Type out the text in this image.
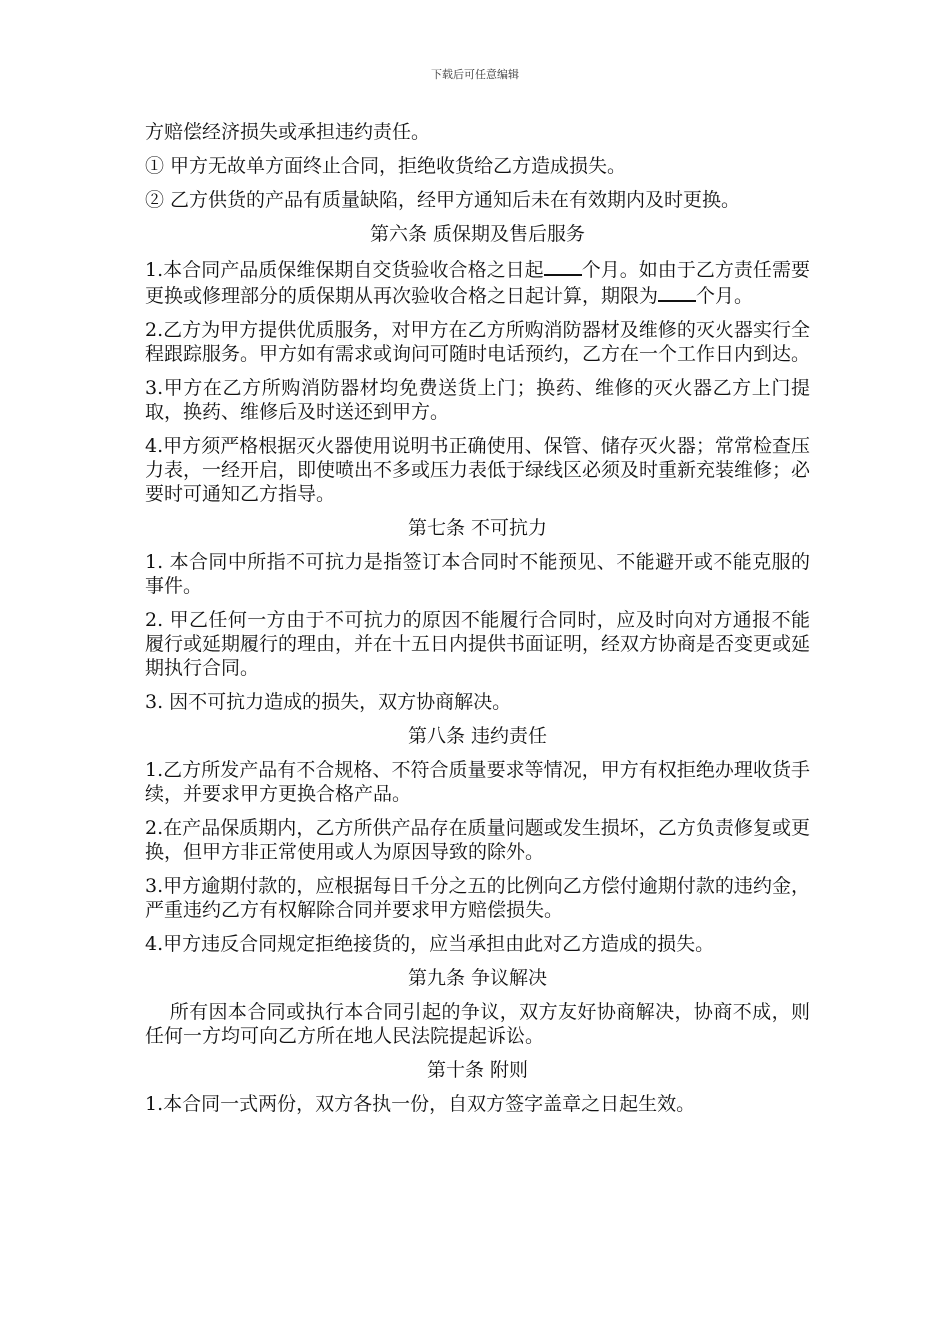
下载后可任意编辑

方赔偿经济损失或承担违约责任。

① 甲方无故单方面终止合同，拒绝收货给乙方造成损失。

② 乙方供货的产品有质量缺陷，经甲方通知后未在有效期内及时更换。

第六条 质保期及售后服务

1.本合同产品质保维保期自交货验收合格之日起 个月。如由于乙方责任需要更换或修理部分的质保期从再次验收合格之日起计算，期限为 个月。

2.乙方为甲方提供优质服务，对甲方在乙方所购消防器材及维修的灭火器实行全程跟踪服务。甲方如有需求或询问可随时电话预约，乙方在一个工作日内到达。

3.甲方在乙方所购消防器材均免费送货上门；换药、维修的灭火器乙方上门提取，换药、维修后及时送还到甲方。

4.甲方须严格根据灭火器使用说明书正确使用、保管、储存灭火器；常常检查压力表，一经开启，即使喷出不多或压力表低于绿线区必须及时重新充装维修；必要时可通知乙方指导。

第七条 不可抗力

1. 本合同中所指不可抗力是指签订本合同时不能预见、不能避开或不能克服的事件。

2. 甲乙任何一方由于不可抗力的原因不能履行合同时，应及时向对方通报不能履行或延期履行的理由，并在十五日内提供书面证明，经双方协商是否变更或延期执行合同。

3. 因不可抗力造成的损失，双方协商解决。

第八条 违约责任

1.乙方所发产品有不合规格、不符合质量要求等情况，甲方有权拒绝办理收货手续，并要求甲方更换合格产品。

2.在产品保质期内，乙方所供产品存在质量问题或发生损坏，乙方负责修复或更换，但甲方非正常使用或人为原因导致的除外。

3.甲方逾期付款的，应根据每日千分之五的比例向乙方偿付逾期付款的违约金，严重违约乙方有权解除合同并要求甲方赔偿损失。

4.甲方违反合同规定拒绝接货的，应当承担由此对乙方造成的损失。

第九条 争议解决

所有因本合同或执行本合同引起的争议，双方友好协商解决，协商不成，则任何一方均可向乙方所在地人民法院提起诉讼。

第十条 附则

1.本合同一式两份，双方各执一份，自双方签字盖章之日起生效。
